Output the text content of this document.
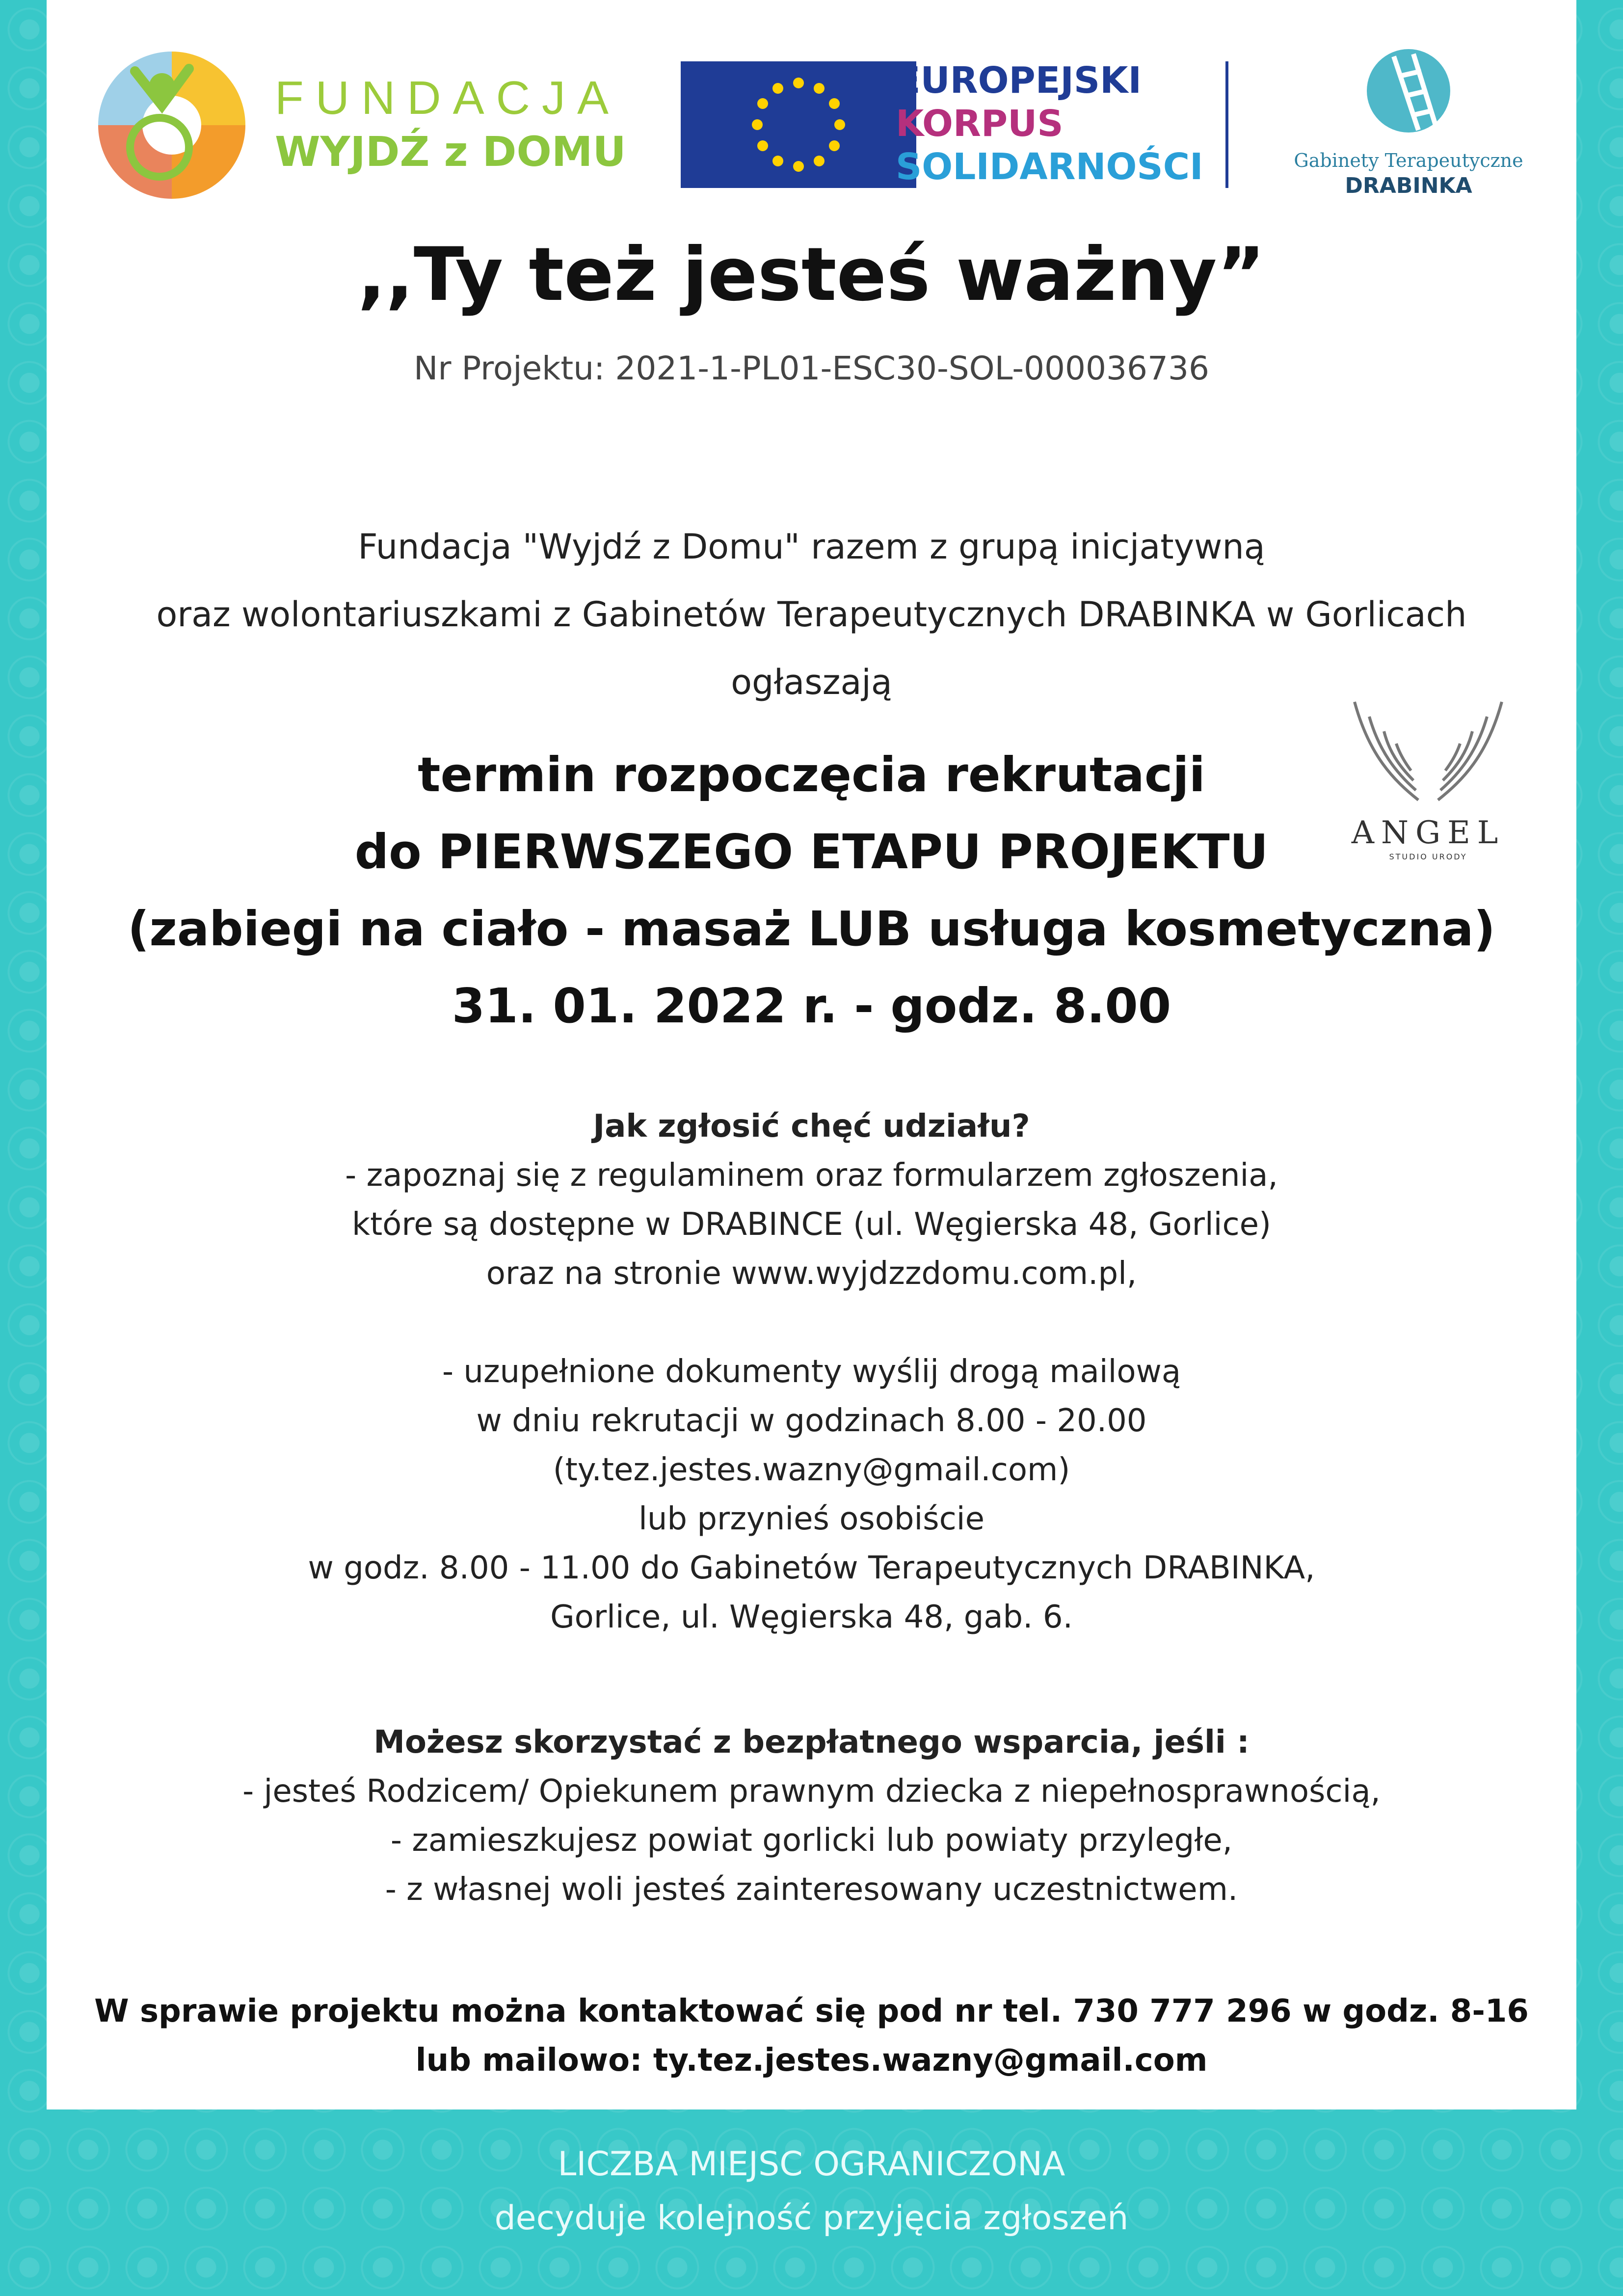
FUNDACJA
WYJDŹ z DOMU
EUROPEJSKI
KORPUS
SOLIDARNOŚCI	Gabinety Terapeutyczne
DRABINKA
ANGEL
STUDIO URODY
,,Ty też jesteś ważny”
Nr Projektu: 2021-1-PL01-ESC30-SOL-000036736
Fundacja "Wyjdź z Domu" razem z grupą inicjatywną
oraz wolontariuszkami z Gabinetów Terapeutycznych DRABINKA w Gorlicach
ogłaszają
termin rozpoczęcia rekrutacji
do PIERWSZEGO ETAPU PROJEKTU
(zabiegi na ciało - masaż LUB usługa kosmetyczna)
31. 01. 2022 r. - godz. 8.00
Jak zgłosić chęć udziału?
- zapoznaj się z regulaminem oraz formularzem zgłoszenia,
które są dostępne w DRABINCE (ul. Węgierska 48, Gorlice)
oraz na stronie www.wyjdzzdomu.com.pl,
- uzupełnione dokumenty wyślij drogą mailową
w dniu rekrutacji w godzinach 8.00 - 20.00
(ty.tez.jestes.wazny@gmail.com)
lub przynieś osobiście
w godz. 8.00 - 11.00 do Gabinetów Terapeutycznych DRABINKA,
Gorlice, ul. Węgierska 48, gab. 6.
Możesz skorzystać z bezpłatnego wsparcia, jeśli :
- jesteś Rodzicem/ Opiekunem prawnym dziecka z niepełnosprawnością,
- zamieszkujesz powiat gorlicki lub powiaty przyległe,
- z własnej woli jesteś zainteresowany uczestnictwem.
W sprawie projektu można kontaktować się pod nr tel. 730 777 296 w godz. 8-16
lub mailowo: ty.tez.jestes.wazny@gmail.com
LICZBA MIEJSC OGRANICZONA
decyduje kolejność przyjęcia zgłoszeń
